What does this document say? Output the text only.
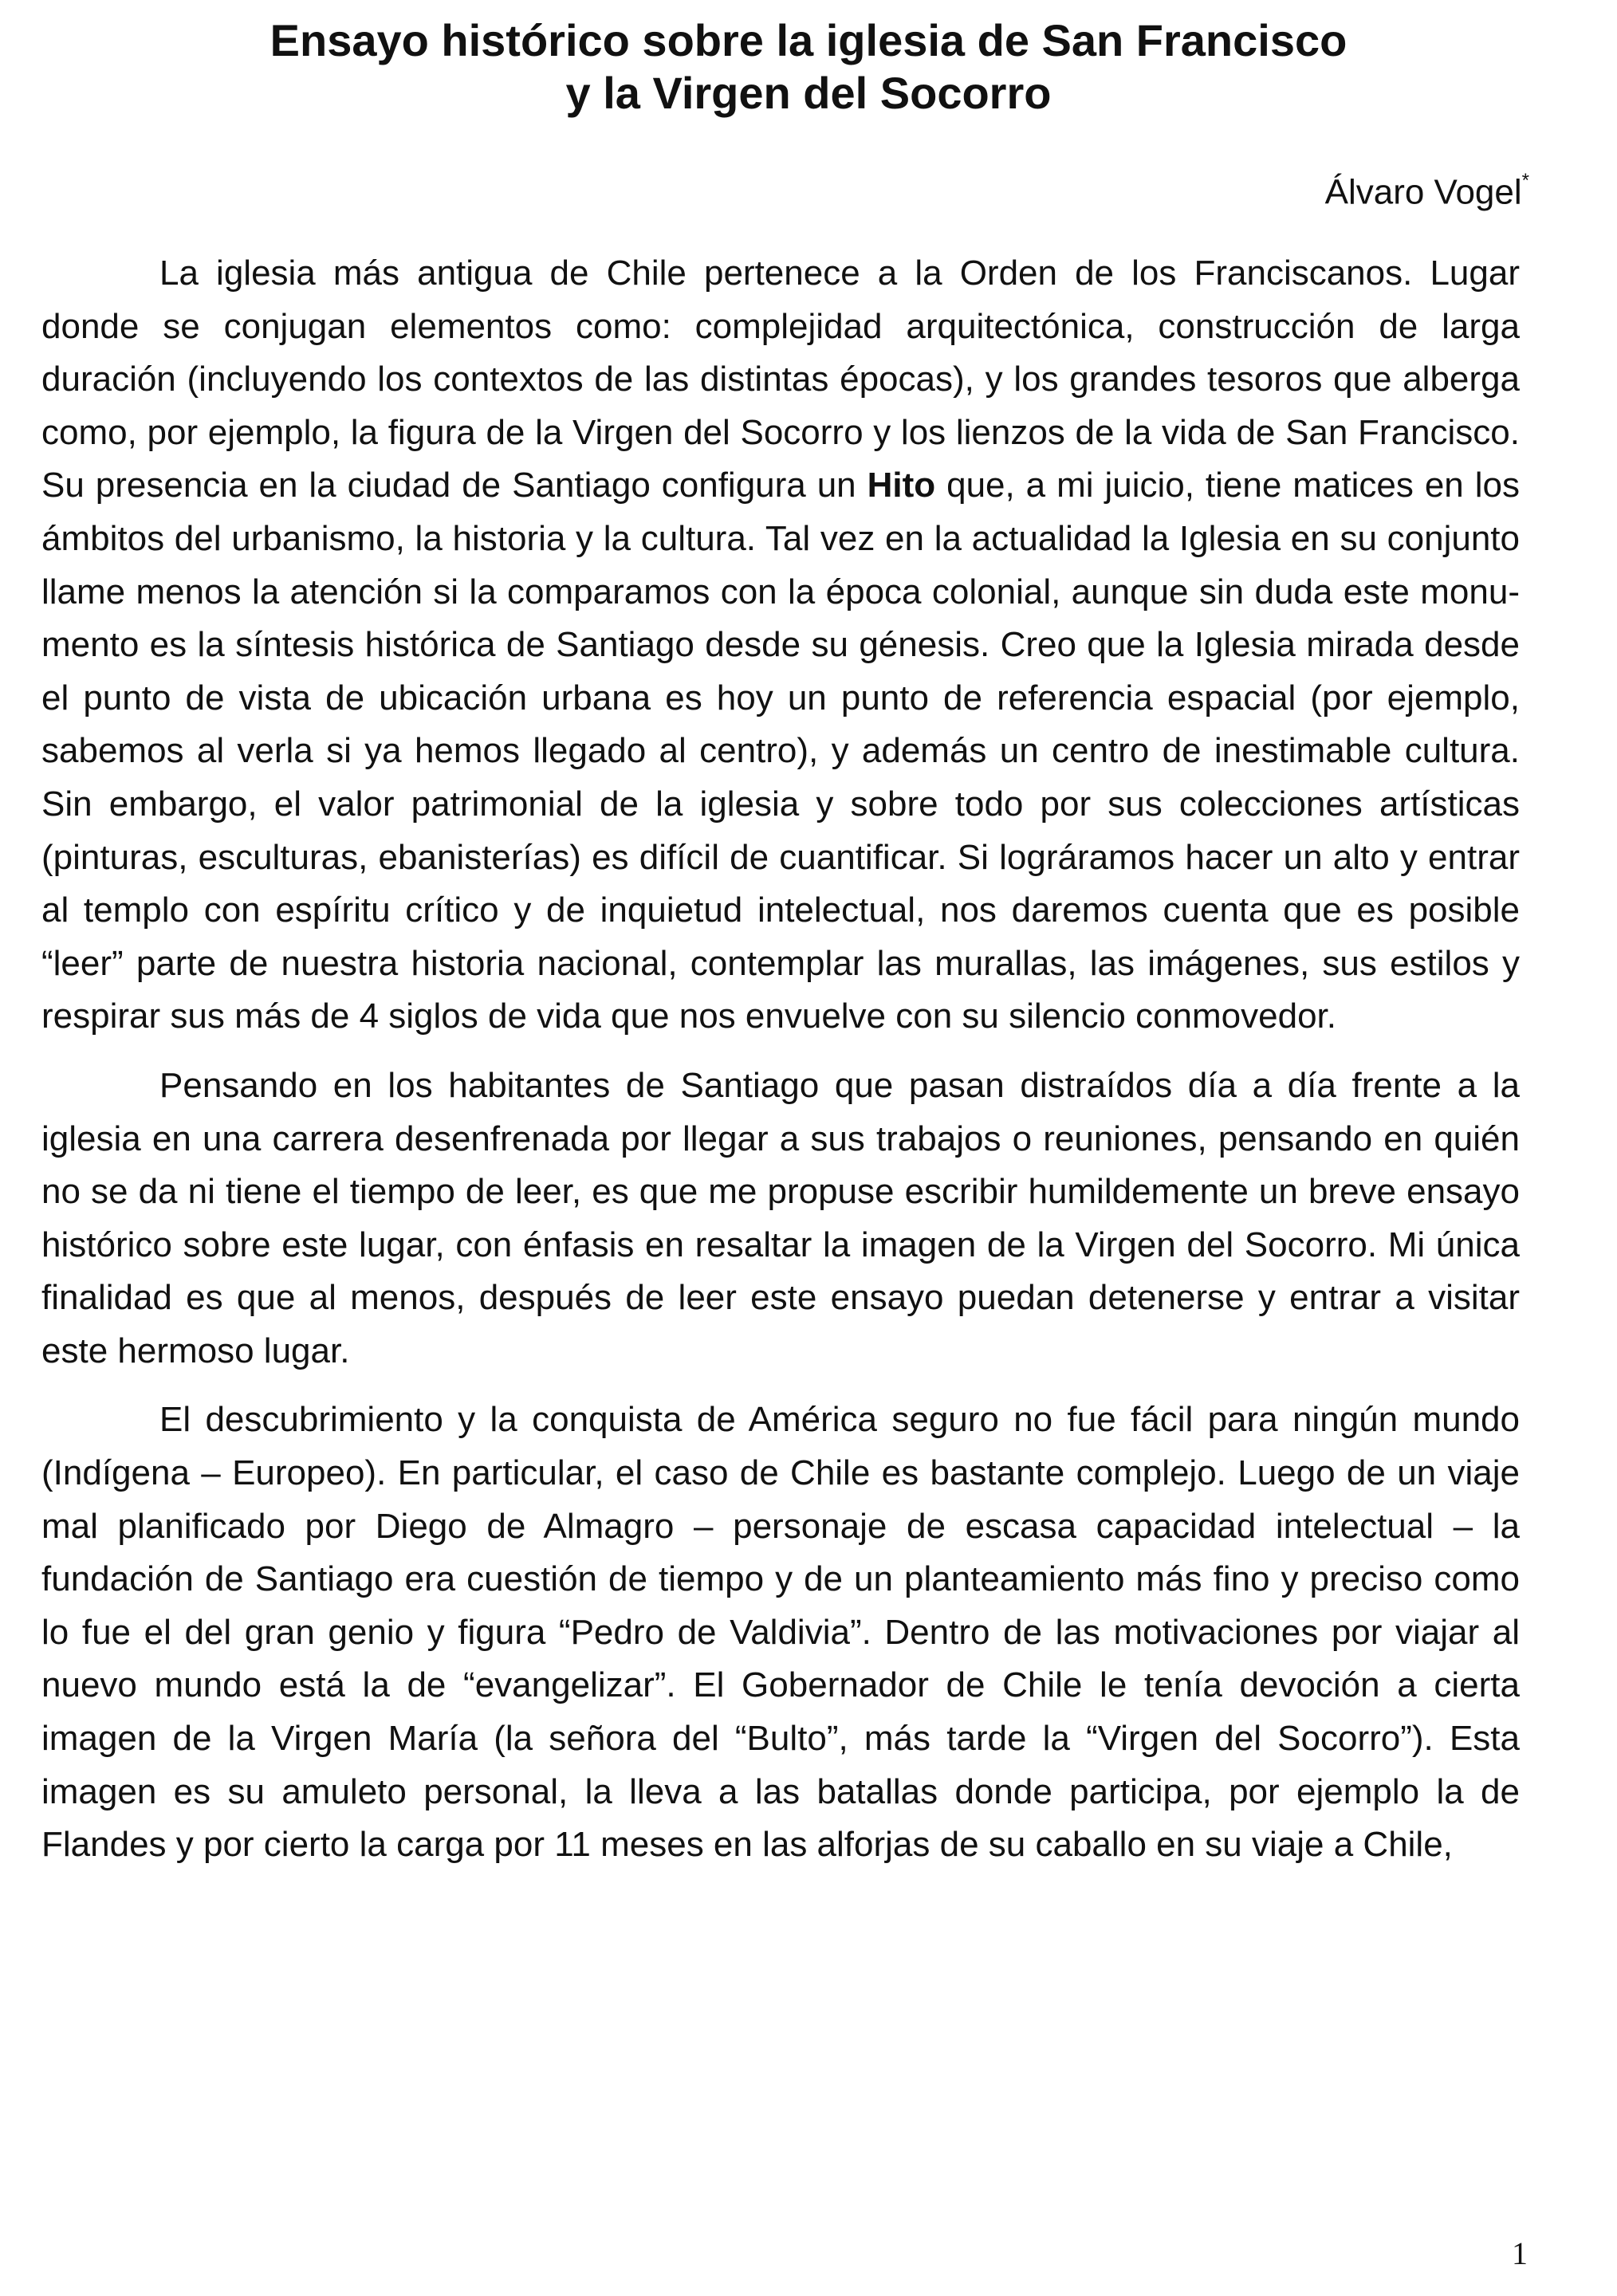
Ensayo histórico sobre la iglesia de San Francisco
y la Virgen del Socorro
Álvaro Vogel*

La iglesia más antigua de Chile pertenece a la Orden de los Franciscanos. Lugar donde se conjugan elementos como: complejidad arquitectónica, construcción de larga duración (incluyendo los contextos de las distintas épocas), y los grandes tesoros que alberga como, por ejemplo, la figura de la Virgen del Socorro y los lienzos de la vida de San Francisco. Su presencia en la ciudad de Santiago configura un Hito que, a mi juicio, tiene matices en los ámbitos del urbanismo, la historia y la cultura. Tal vez en la actualidad la Iglesia en su conjunto llame menos la atención si la comparamos con la época colonial, aunque sin duda este monumento es la síntesis histórica de Santiago desde su génesis. Creo que la Iglesia mirada desde el punto de vista de ubicación urbana es hoy un punto de referencia espacial (por ejemplo, sabemos al verla si ya hemos llegado al centro), y además un centro de inestimable cultura. Sin embargo, el valor patrimonial de la iglesia y sobre todo por sus colecciones artísticas (pinturas, esculturas, ebanisterías) es difícil de cuantificar. Si lográramos hacer un alto y entrar al templo con espíritu crítico y de inquietud intelectual, nos daremos cuenta que es posible “leer” parte de nuestra historia nacional, contemplar las murallas, las imágenes, sus estilos y respirar sus más de 4 siglos de vida que nos envuelve con su silencio conmovedor.

Pensando en los habitantes de Santiago que pasan distraídos día a día frente a la iglesia en una carrera desenfrenada por llegar a sus trabajos o reuniones, pensando en quién no se da ni tiene el tiempo de leer, es que me propuse escribir humildemente un breve ensayo histórico sobre este lugar, con énfasis en resaltar la imagen de la Virgen del Socorro. Mi única finalidad es que al menos, después de leer este ensayo puedan detenerse y entrar a visitar este hermoso lugar.

El descubrimiento y la conquista de América seguro no fue fácil para ningún mundo (Indígena – Europeo). En particular, el caso de Chile es bastante complejo. Luego de un viaje mal planificado por Diego de Almagro – personaje de escasa capacidad intelectual – la fundación de Santiago era cuestión de tiempo y de un planteamiento más fino y preciso como lo fue el del gran genio y figura “Pedro de Valdivia”. Dentro de las motivaciones por viajar al nuevo mundo está la de “evangelizar”. El Gobernador de Chile le tenía devoción a cierta imagen de la Virgen María (la señora del “Bulto”, más tarde la “Virgen del Socorro”). Esta imagen es su amuleto personal, la lleva a las batallas donde participa, por ejemplo la de Flandes y por cierto la carga por 11 meses en las alforjas de su caballo en su viaje a Chile,

1
